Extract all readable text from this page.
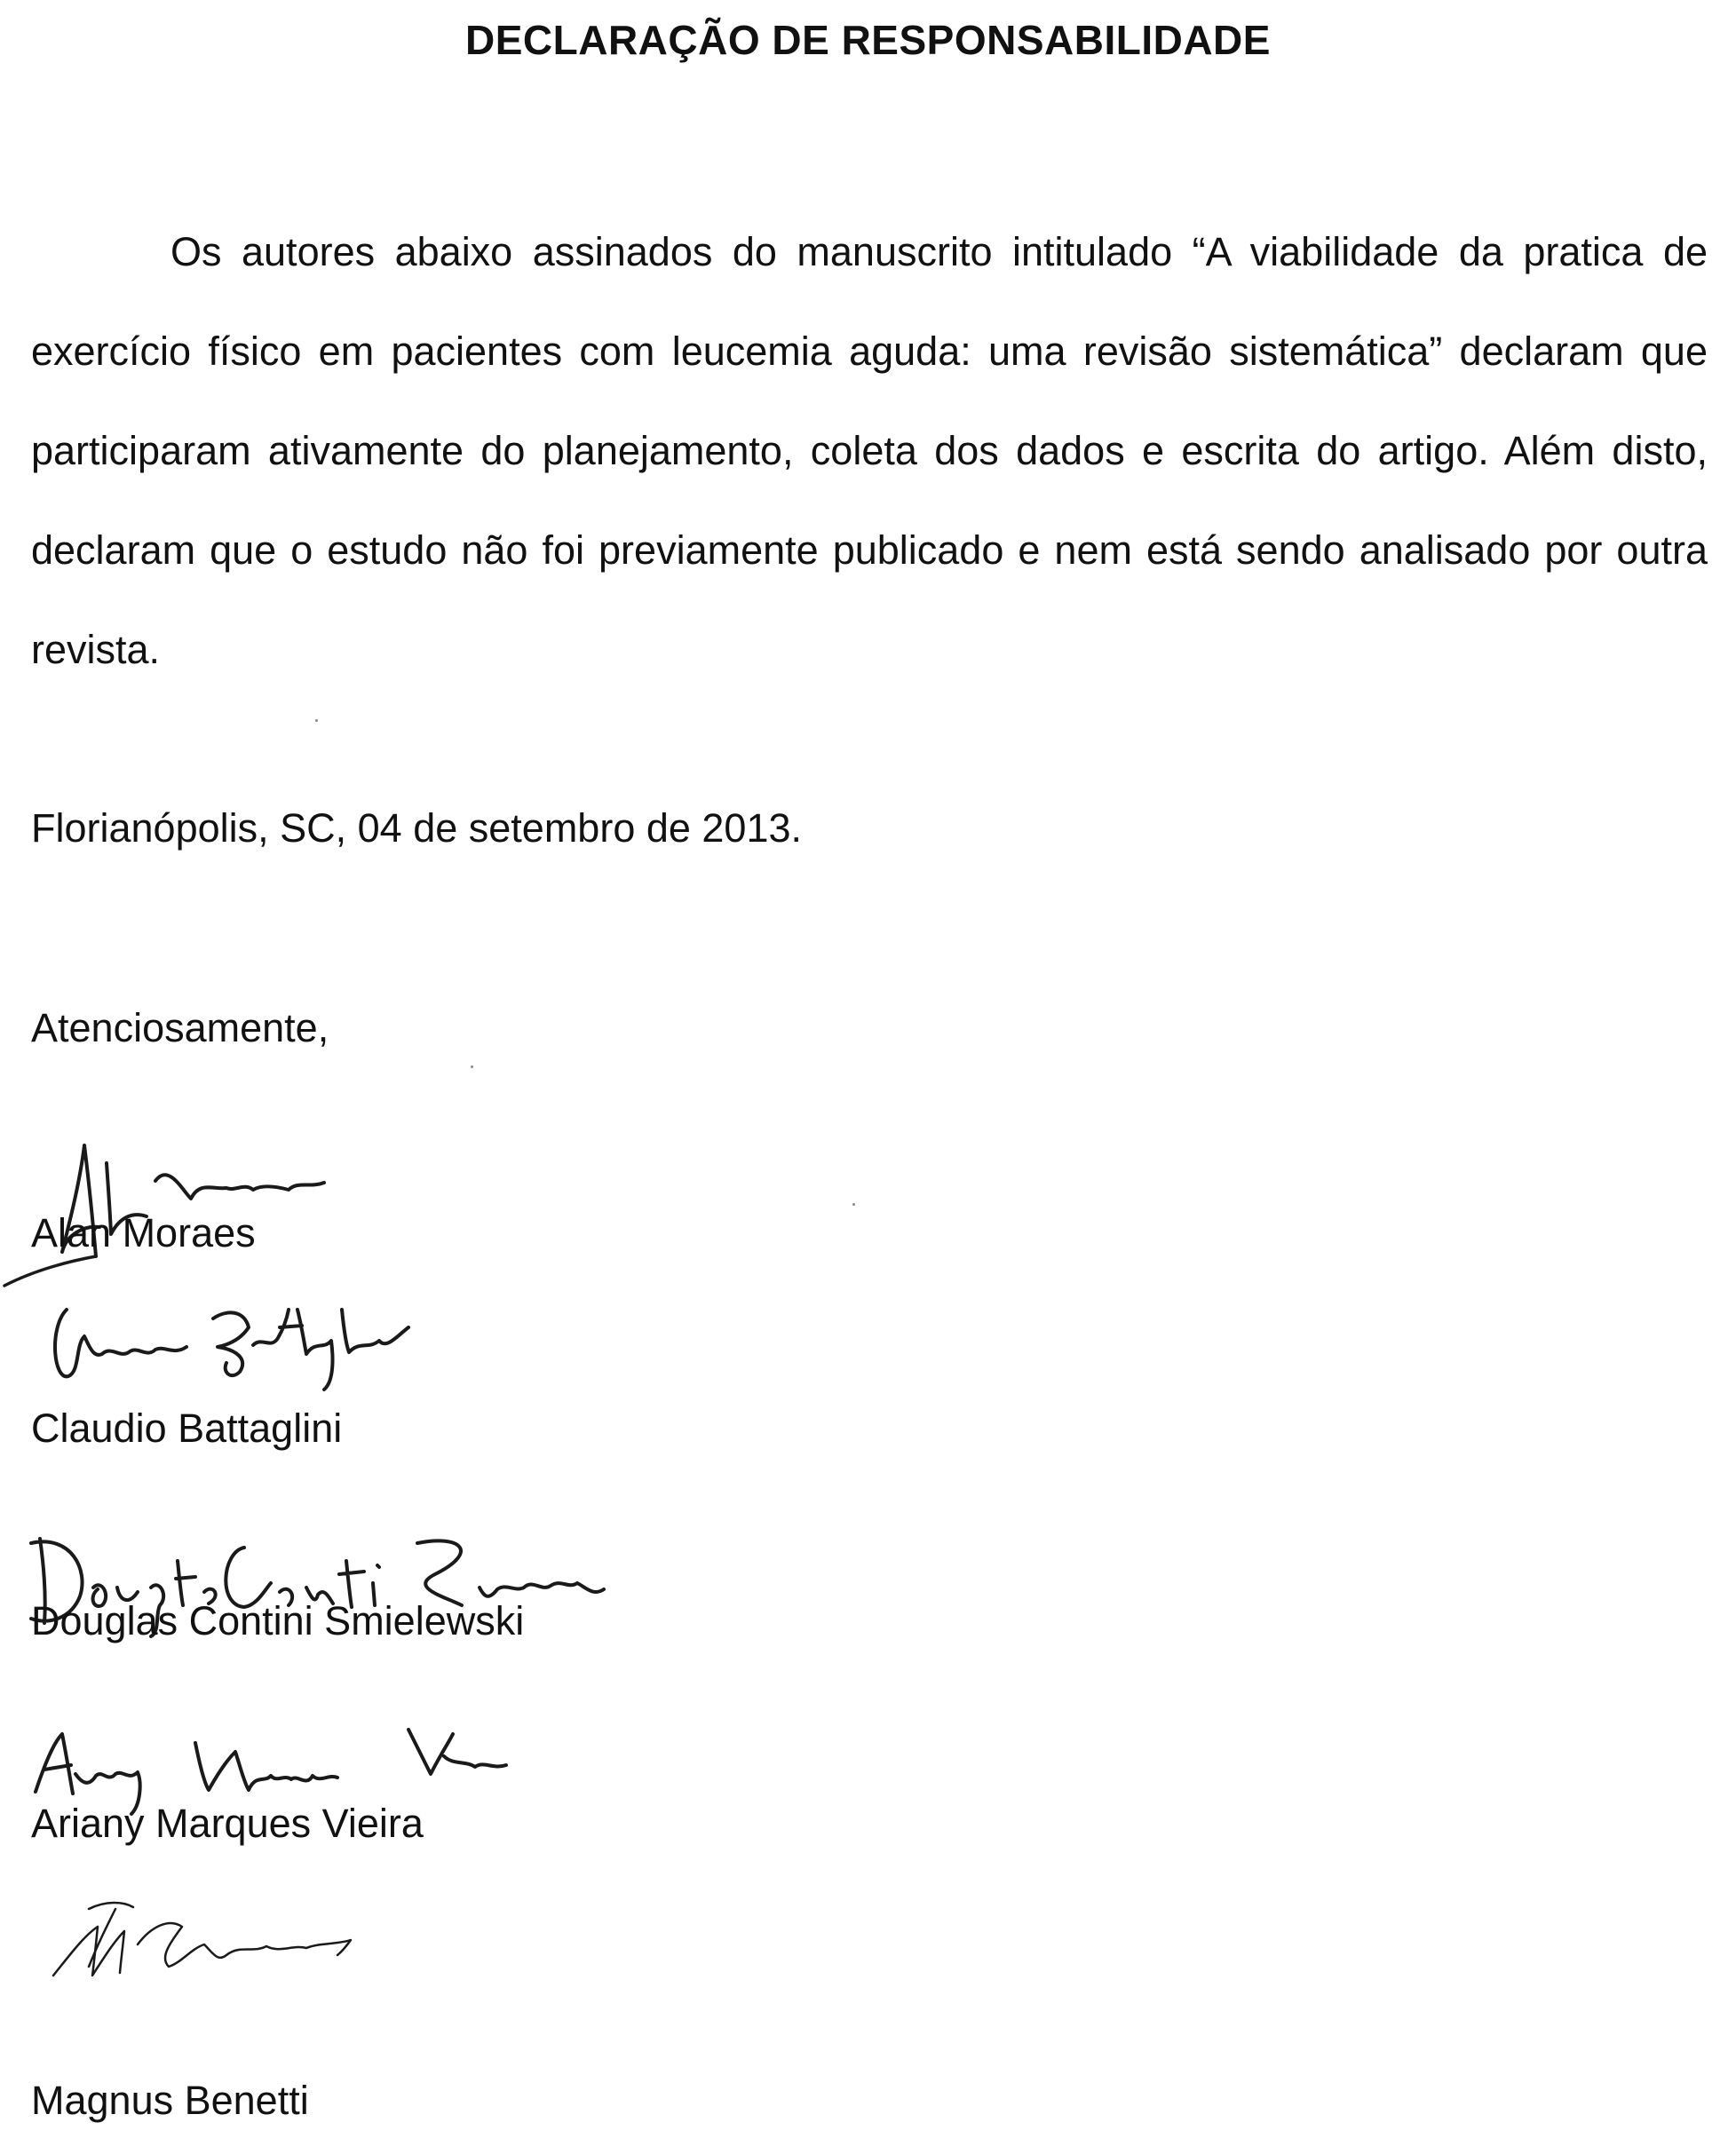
DECLARAÇÃO DE RESPONSABILIDADE

Os autores abaixo assinados do manuscrito intitulado “A viabilidade da pratica de exercício físico em pacientes com leucemia aguda: uma revisão sistemática” declaram que participaram ativamente do planejamento, coleta dos dados e escrita do artigo. Além disto, declaram que o estudo não foi previamente publicado e nem está sendo analisado por outra revista.

Florianópolis, SC, 04 de setembro de 2013.
Atenciosamente,
Alan Moraes
Claudio Battaglini
Douglas Contini Smielewski
Ariany Marques Vieira
Magnus Benetti
